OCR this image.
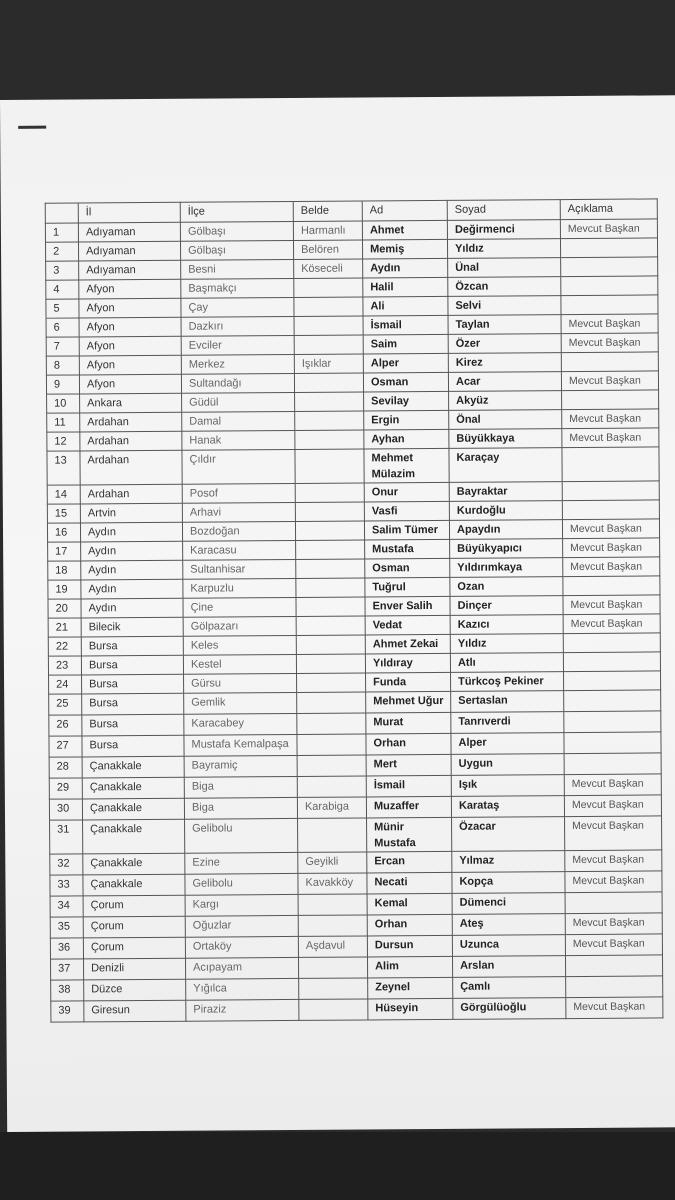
	İl	İlçe	Belde	Ad	Soyad	Açıklama
1	Adıyaman	Gölbaşı	Harmanlı	Ahmet	Değirmenci	Mevcut Başkan
2	Adıyaman	Gölbaşı	Belören	Memiş	Yıldız	
3	Adıyaman	Besni	Köseceli	Aydın	Ünal	
4	Afyon	Başmakçı		Halil	Özcan	
5	Afyon	Çay		Ali	Selvi	
6	Afyon	Dazkırı		İsmail	Taylan	Mevcut Başkan
7	Afyon	Evciler		Saim	Özer	Mevcut Başkan
8	Afyon	Merkez	Işıklar	Alper	Kirez	
9	Afyon	Sultandağı		Osman	Acar	Mevcut Başkan
10	Ankara	Güdül		Sevilay	Akyüz	
11	Ardahan	Damal		Ergin	Önal	Mevcut Başkan
12	Ardahan	Hanak		Ayhan	Büyükkaya	Mevcut Başkan
13	Ardahan	Çıldır		Mehmet Mülazim	Karaçay	
14	Ardahan	Posof		Onur	Bayraktar	
15	Artvin	Arhavi		Vasfi	Kurdoğlu	
16	Aydın	Bozdoğan		Salim Tümer	Apaydın	Mevcut Başkan
17	Aydın	Karacasu		Mustafa	Büyükyapıcı	Mevcut Başkan
18	Aydın	Sultanhisar		Osman	Yıldırımkaya	Mevcut Başkan
19	Aydın	Karpuzlu		Tuğrul	Ozan	
20	Aydın	Çine		Enver Salih	Dinçer	Mevcut Başkan
21	Bilecik	Gölpazarı		Vedat	Kazıcı	Mevcut Başkan
22	Bursa	Keles		Ahmet Zekai	Yıldız	
23	Bursa	Kestel		Yıldıray	Atlı	
24	Bursa	Gürsu		Funda	Türkcoş Pekiner	
25	Bursa	Gemlik		Mehmet Uğur	Sertaslan	
26	Bursa	Karacabey		Murat	Tanrıverdi	
27	Bursa	Mustafa Kemalpaşa		Orhan	Alper	
28	Çanakkale	Bayramiç		Mert	Uygun	
29	Çanakkale	Biga		İsmail	Işık	Mevcut Başkan
30	Çanakkale	Biga	Karabiga	Muzaffer	Karataş	Mevcut Başkan
31	Çanakkale	Gelibolu		Münir Mustafa	Özacar	Mevcut Başkan
32	Çanakkale	Ezine	Geyikli	Ercan	Yılmaz	Mevcut Başkan
33	Çanakkale	Gelibolu	Kavakköy	Necati	Kopça	Mevcut Başkan
34	Çorum	Kargı		Kemal	Dümenci	
35	Çorum	Oğuzlar		Orhan	Ateş	Mevcut Başkan
36	Çorum	Ortaköy	Aşdavul	Dursun	Uzunca	Mevcut Başkan
37	Denizli	Acıpayam		Alim	Arslan	
38	Düzce	Yığılca		Zeynel	Çamlı	
39	Giresun	Piraziz		Hüseyin	Görgülüoğlu	Mevcut Başkan
